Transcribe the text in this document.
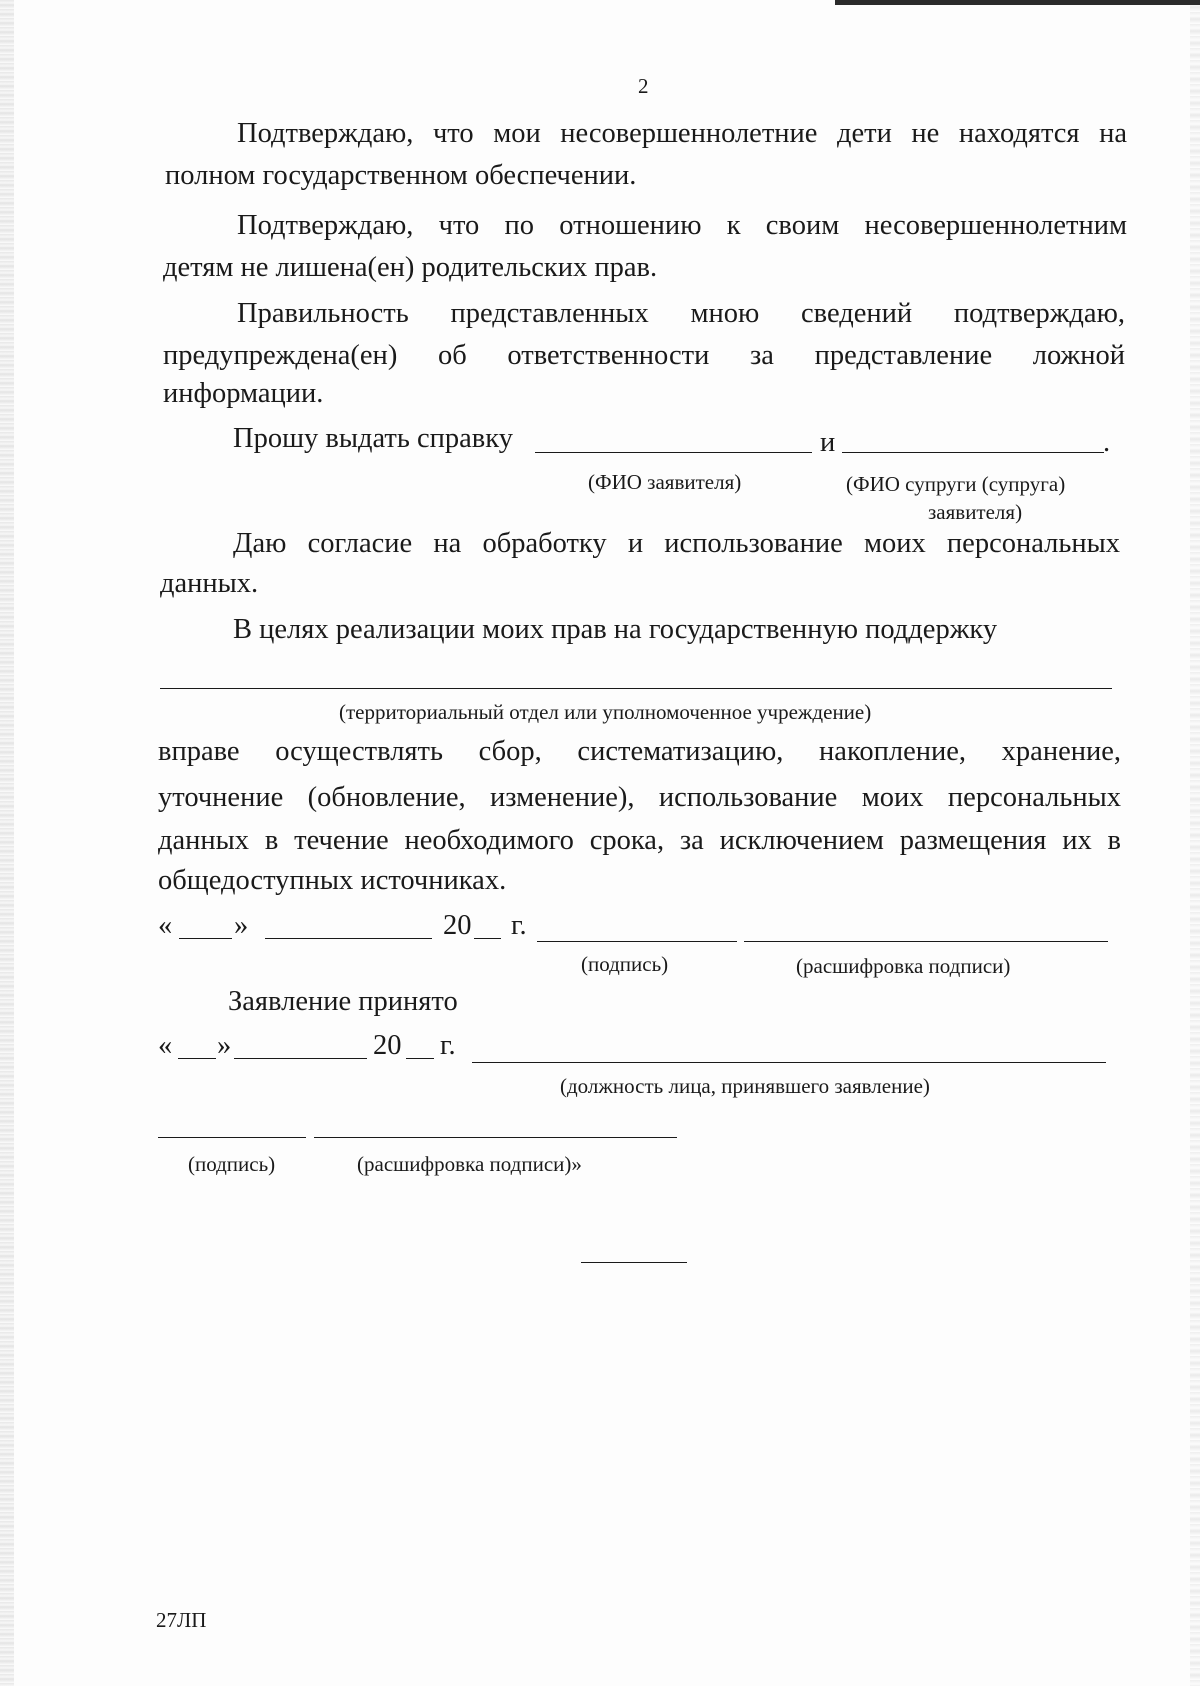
2
Подтверждаю, что мои несовершеннолетние дети не находятся на
полном государственном обеспечении.
Подтверждаю, что по отношению к своим несовершеннолетним
детям не лишена(ен) родительских прав.
Правильность представленных мною сведений подтверждаю,
предупреждена(ен) об ответственности за представление ложной
информации.
Прошу выдать справку	и	.
(ФИО заявителя)	(ФИО супруги (супруга)
заявителя)
Даю согласие на обработку и использование моих персональных
данных.
В целях реализации моих прав на государственную поддержку
(территориальный отдел или уполномоченное учреждение)
вправе осуществлять сбор, систематизацию, накопление, хранение,
уточнение (обновление, изменение), использование моих персональных
данных в течение необходимого срока, за исключением размещения их в
общедоступных источниках.
« »	20 г.
(подпись)	(расшифровка подписи)
Заявление принято
« »	20 г.
(должность лица, принявшего заявление)
(подпись)	(расшифровка подписи)»
27ЛП
